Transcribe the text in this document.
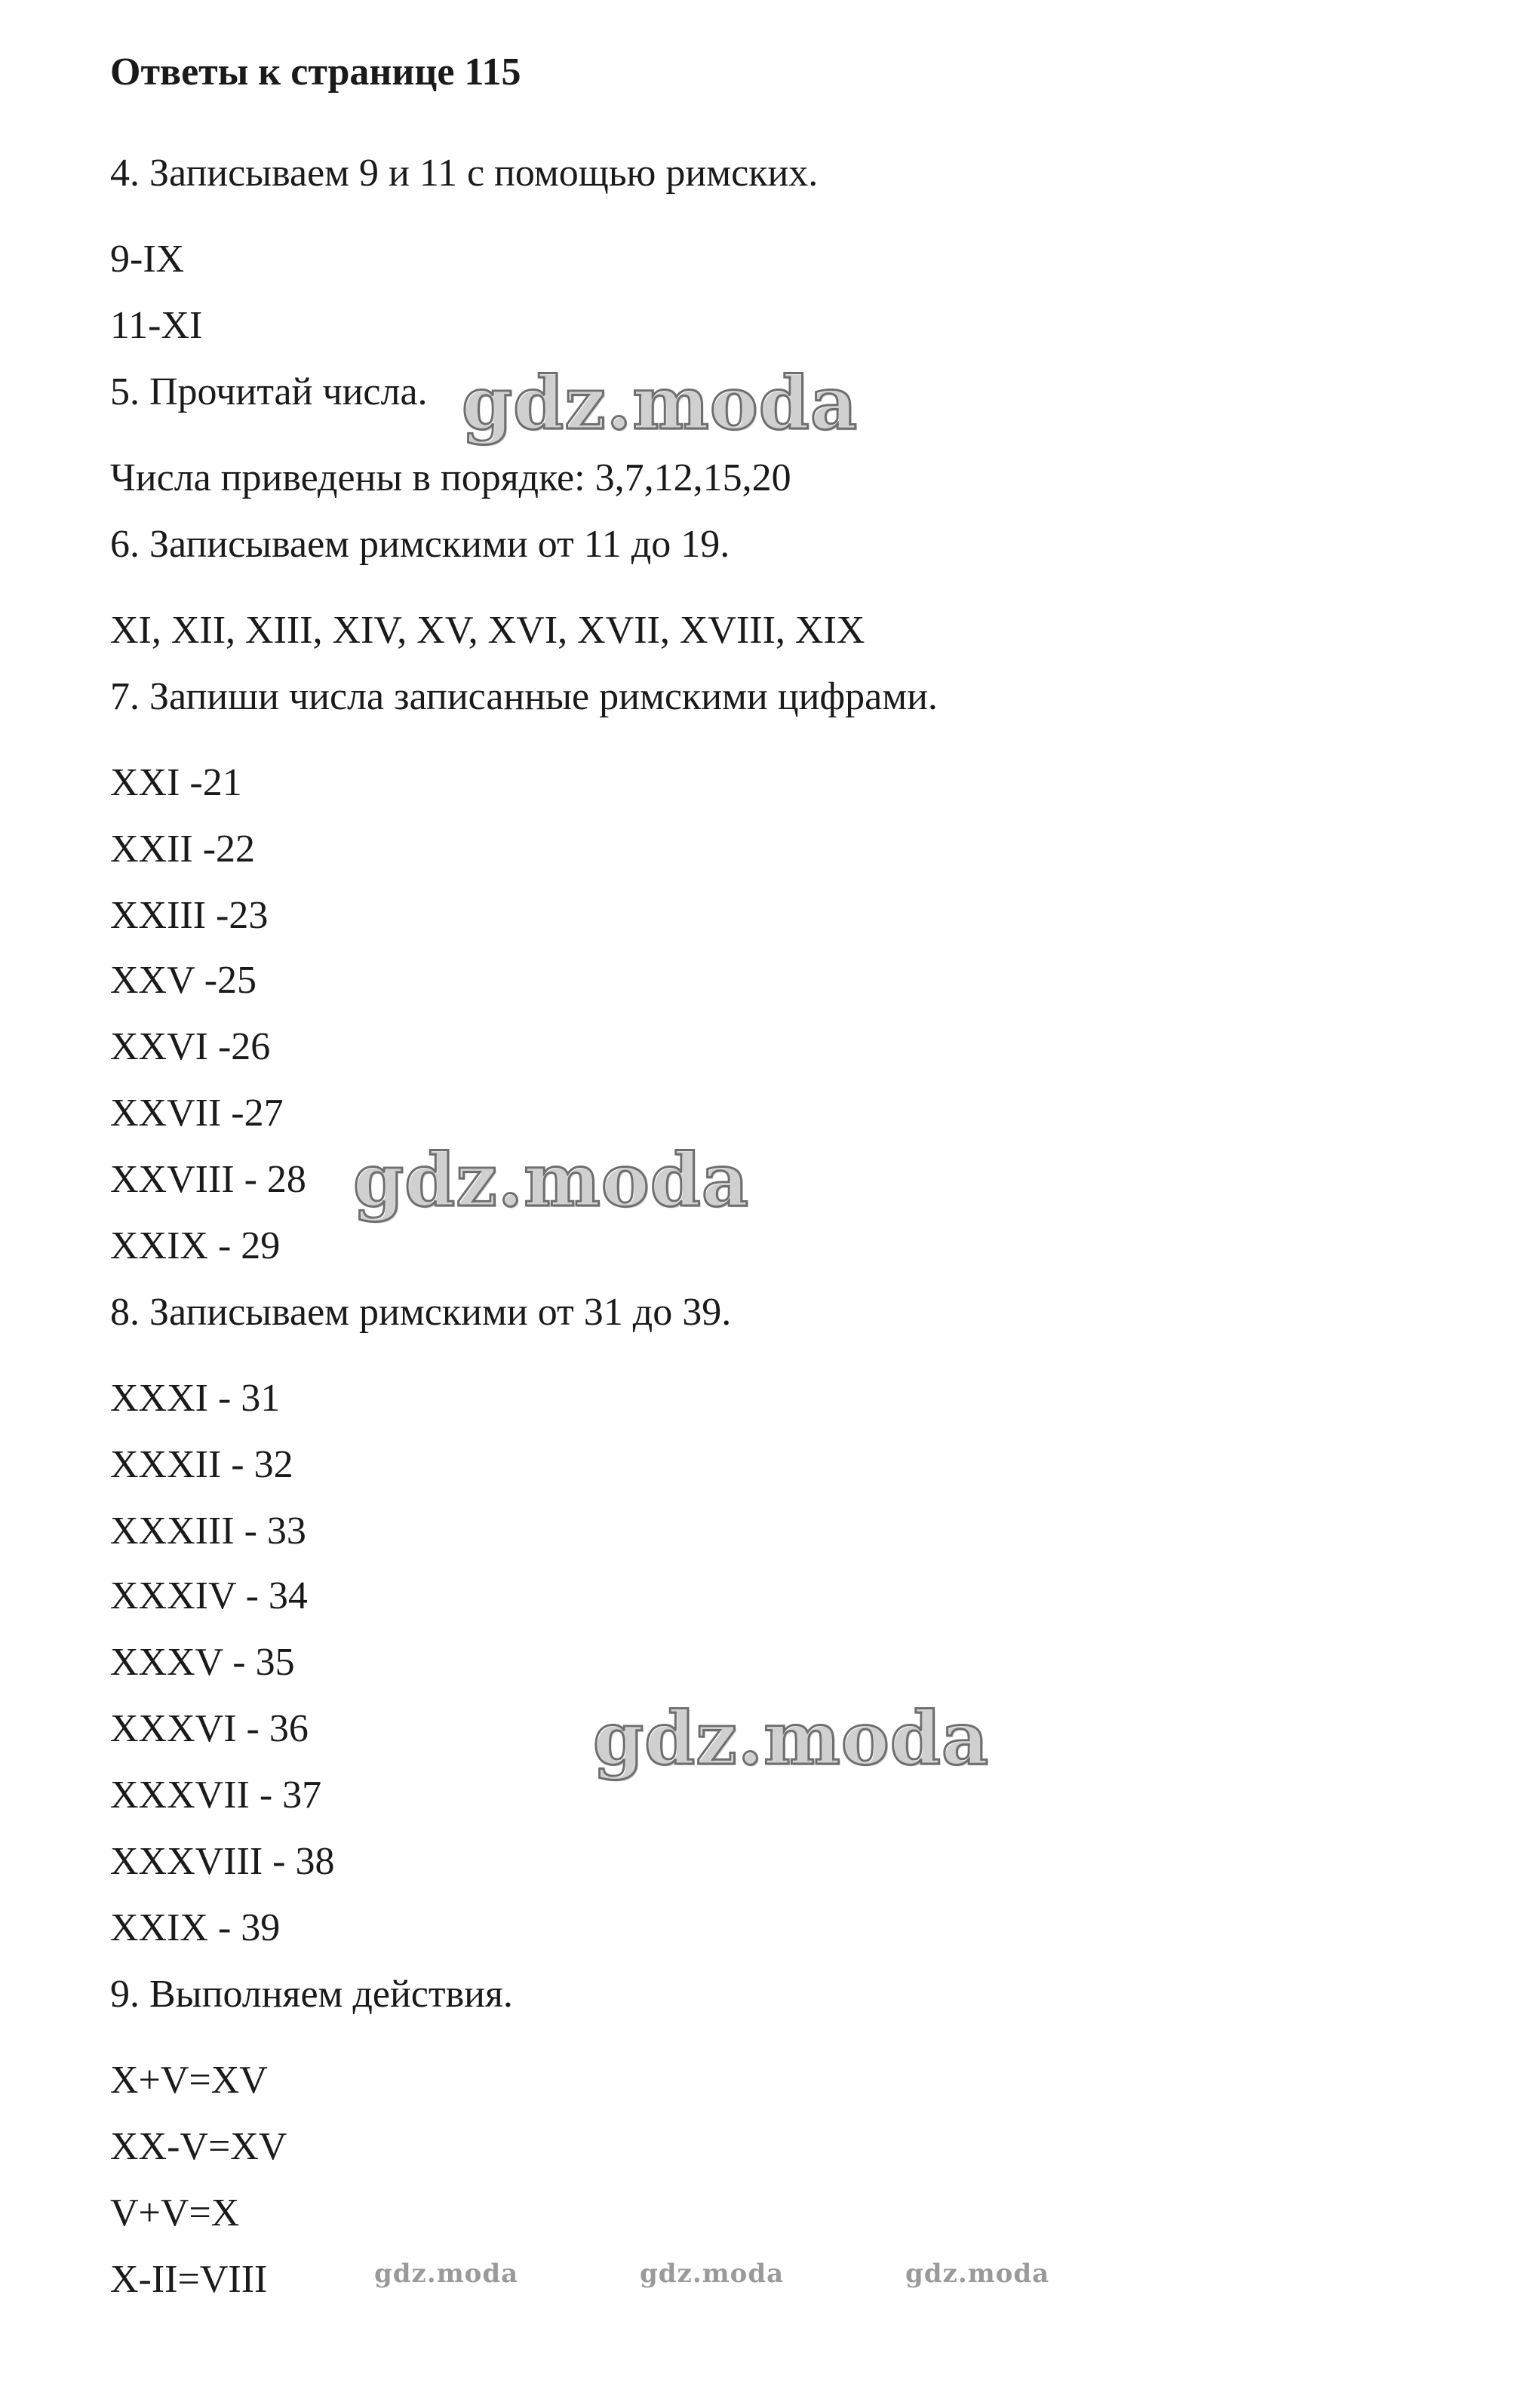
Ответы к странице 115
4. Записываем 9 и 11 с помощью римских.
9-IX
11-XI
5. Прочитай числа.
Числа приведены в порядке: 3,7,12,15,20
6. Записываем римскими от 11 до 19.
XI, XII, XIII, XIV, XV, XVI, XVII, XVIII, XIX
7. Запиши числа записанные римскими цифрами.
XXI -21
XXII -22
XXIII -23
XXV -25
XXVI -26
XXVII -27
XXVIII - 28
XXIX - 29
8. Записываем римскими от 31 до 39.
XXXI - 31
XXXII - 32
XXXIII - 33
XXXIV - 34
XXXV - 35
XXXVI - 36
XXXVII - 37
XXXVIII - 38
XXIX - 39
9. Выполняем действия.
X+V=XV
XX-V=XV
V+V=X
X-II=VIII
gdz.moda
gdz.moda
gdz.moda
gdz.moda	gdz.moda	gdz.moda
